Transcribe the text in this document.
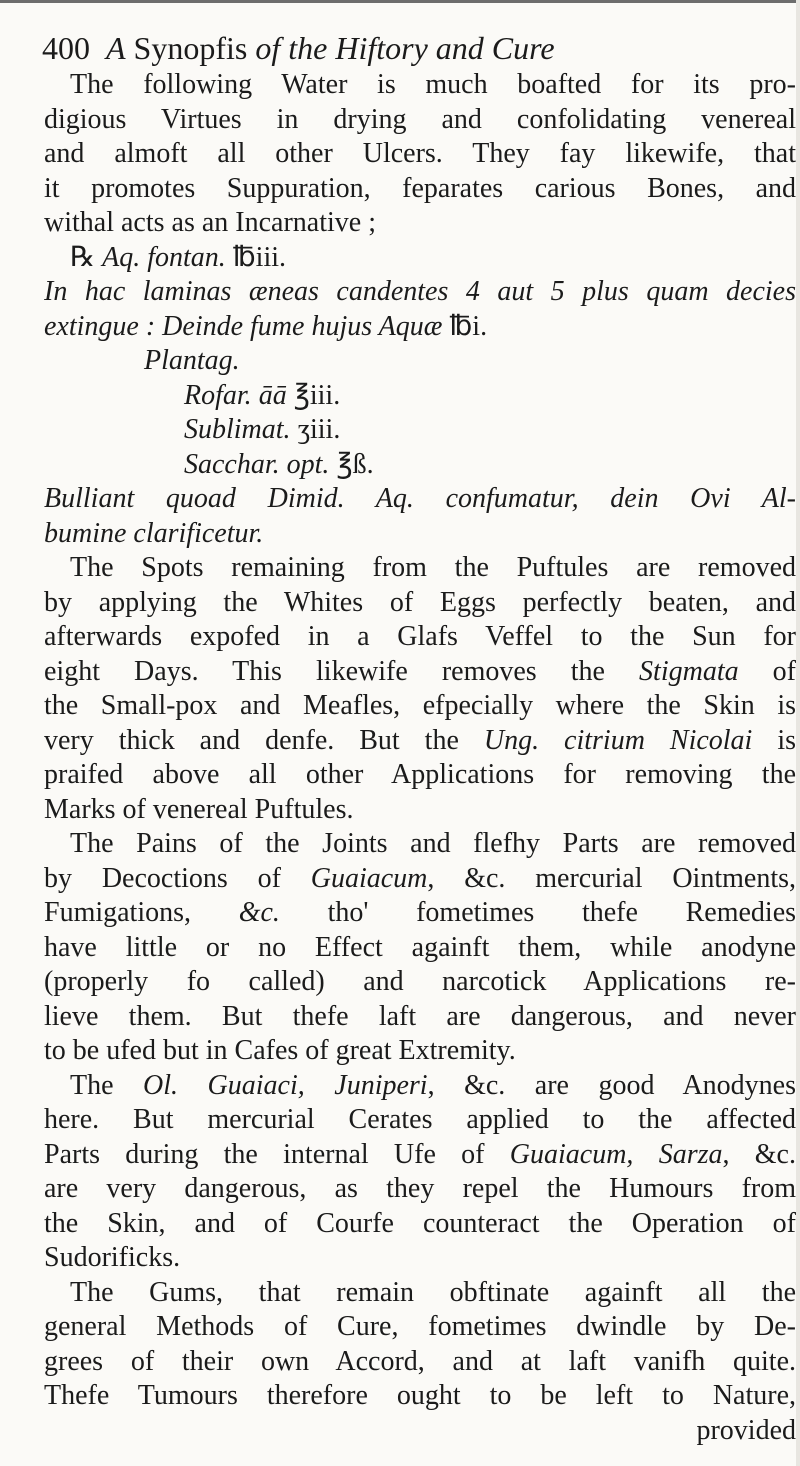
400 A Synopfis of the Hiftory and Cure
The following Water is much boafted for its pro-
digious Virtues in drying and confolidating venereal
and almoft all other Ulcers. They fay likewife, that
it promotes Suppuration, feparates carious Bones, and
withal acts as an Incarnative ;
℞ Aq. fontan. ℔iii.
In hac laminas æneas candentes 4 aut 5 plus quam decies
extingue : Deinde fume hujus Aquæ ℔i.
Plantag.
Rofar. āā ℥iii.
Sublimat. ʒiii.
Sacchar. opt. ℥ß.
Bulliant quoad Dimid. Aq. confumatur, dein Ovi Al-
bumine clarificetur.
The Spots remaining from the Puftules are removed
by applying the Whites of Eggs perfectly beaten, and
afterwards expofed in a Glafs Veffel to the Sun for
eight Days. This likewife removes the Stigmata of
the Small-pox and Meafles, efpecially where the Skin is
very thick and denfe. But the Ung. citrium Nicolai is
praifed above all other Applications for removing the
Marks of venereal Puftules.
The Pains of the Joints and flefhy Parts are removed
by Decoctions of Guaiacum, &c. mercurial Ointments,
Fumigations, &c. tho' fometimes thefe Remedies
have little or no Effect againft them, while anodyne
(properly fo called) and narcotick Applications re-
lieve them. But thefe laft are dangerous, and never
to be ufed but in Cafes of great Extremity.
The Ol. Guaiaci, Juniperi, &c. are good Anodynes
here. But mercurial Cerates applied to the affected
Parts during the internal Ufe of Guaiacum, Sarza, &c.
are very dangerous, as they repel the Humours from
the Skin, and of Courfe counteract the Operation of
Sudorificks.
The Gums, that remain obftinate againft all the
general Methods of Cure, fometimes dwindle by De-
grees of their own Accord, and at laft vanifh quite.
Thefe Tumours therefore ought to be left to Nature,
provided
